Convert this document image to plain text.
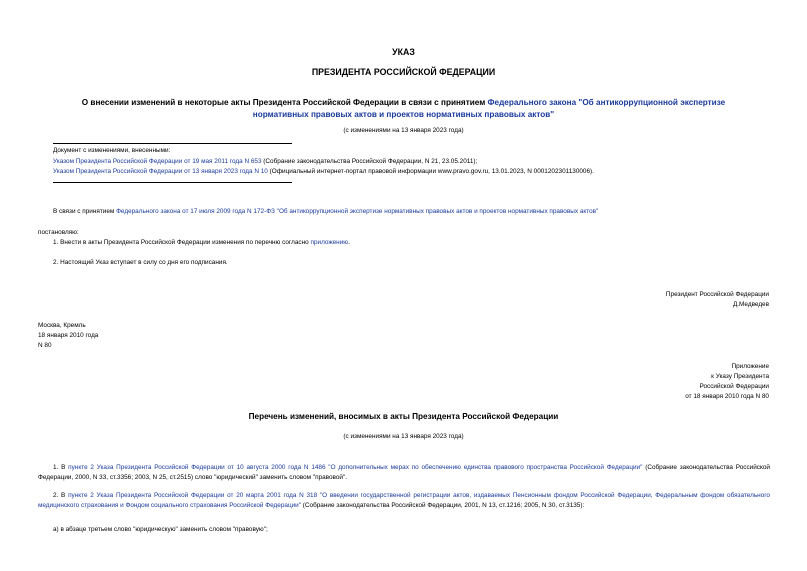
УКАЗ
ПРЕЗИДЕНТА РОССИЙСКОЙ ФЕДЕРАЦИИ
О внесении изменений в некоторые акты Президента Российской Федерации в связи с принятием Федерального закона "Об антикоррупционной экспертизе
нормативных правовых актов и проектов нормативных правовых актов"
(с изменениями на 13 января 2023 года)
Документ с изменениями, внесенными:
Указом Президента Российской Федерации от 19 мая 2011 года N 653 (Собрание законодательства Российской Федерации, N 21, 23.05.2011);
Указом Президента Российской Федерации от 13 января 2023 года N 10 (Официальный интернет-портал правовой информации www.pravo.gov.ru, 13.01.2023, N 0001202301130006).
В связи с принятием Федерального закона от 17 июля 2009 года N 172-ФЗ "Об антикоррупционной экспертизе нормативных правовых актов и проектов нормативных правовых актов"
постановляю:
1. Внести в акты Президента Российской Федерации изменения по перечню согласно приложению.
2. Настоящий Указ вступает в силу со дня его подписания.
Президент Российской Федерации
Д.Медведев
Москва, Кремль
18 января 2010 года
N 80
Приложение
к Указу Президента
Российской Федерации
от 18 января 2010 года N 80
Перечень изменений, вносимых в акты Президента Российской Федерации
(с изменениями на 13 января 2023 года)
1. В пункте 2 Указа Президента Российской Федерации от 10 августа 2000 года N 1486 "О дополнительных мерах по обеспечению единства правового пространства Российской Федерации" (Собрание законодательства Российской Федерации, 2000, N 33, ст.3356; 2003, N 25, ст.2515) слово "юридический" заменить словом "правовой".
2. В пункте 2 Указа Президента Российской Федерации от 20 марта 2001 года N 318 "О введении государственной регистрации актов, издаваемых Пенсионным фондом Российской Федерации, Федеральным фондом обязательного медицинского страхования и Фондом социального страхования Российской Федерации" (Собрание законодательства Российской Федерации, 2001, N 13, ст.1216; 2005, N 30, ст.3135):
а) в абзаце третьем слово "юридическую" заменить словом "правовую";
